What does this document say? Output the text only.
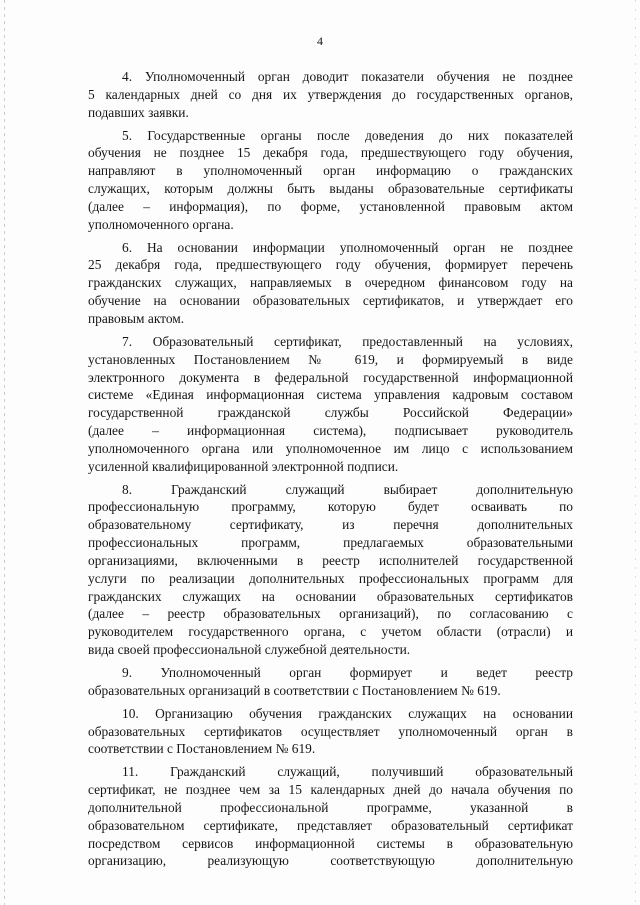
4
4. Уполномоченный орган доводит показатели обучения не позднее
5 календарных дней со дня их утверждения до государственных органов,
подавших заявки.
5. Государственные органы после доведения до них показателей
обучения не позднее 15 декабря года, предшествующего году обучения,
направляют в уполномоченный орган информацию о гражданских
служащих, которым должны быть выданы образовательные сертификаты
(далее – информация), по форме, установленной правовым актом
уполномоченного органа.
6. На основании информации уполномоченный орган не позднее
25 декабря года, предшествующего году обучения, формирует перечень
гражданских служащих, направляемых в очередном финансовом году на
обучение на основании образовательных сертификатов, и утверждает его
правовым актом.
7. Образовательный сертификат, предоставленный на условиях,
установленных Постановлением № 619, и формируемый в виде
электронного документа в федеральной государственной информационной
системе «Единая информационная система управления кадровым составом
государственной гражданской службы Российской Федерации»
(далее – информационная система), подписывает руководитель
уполномоченного органа или уполномоченное им лицо с использованием
усиленной квалифицированной электронной подписи.
8. Гражданский служащий выбирает дополнительную
профессиональную программу, которую будет осваивать по
образовательному сертификату, из перечня дополнительных
профессиональных программ, предлагаемых образовательными
организациями, включенными в реестр исполнителей государственной
услуги по реализации дополнительных профессиональных программ для
гражданских служащих на основании образовательных сертификатов
(далее – реестр образовательных организаций), по согласованию с
руководителем государственного органа, с учетом области (отрасли) и
вида своей профессиональной служебной деятельности.
9. Уполномоченный орган формирует и ведет реестр
образовательных организаций в соответствии с Постановлением № 619.
10. Организацию обучения гражданских служащих на основании
образовательных сертификатов осуществляет уполномоченный орган в
соответствии с Постановлением № 619.
11. Гражданский служащий, получивший образовательный
сертификат, не позднее чем за 15 календарных дней до начала обучения по
дополнительной профессиональной программе, указанной в
образовательном сертификате, представляет образовательный сертификат
посредством сервисов информационной системы в образовательную
организацию, реализующую соответствующую дополнительную
